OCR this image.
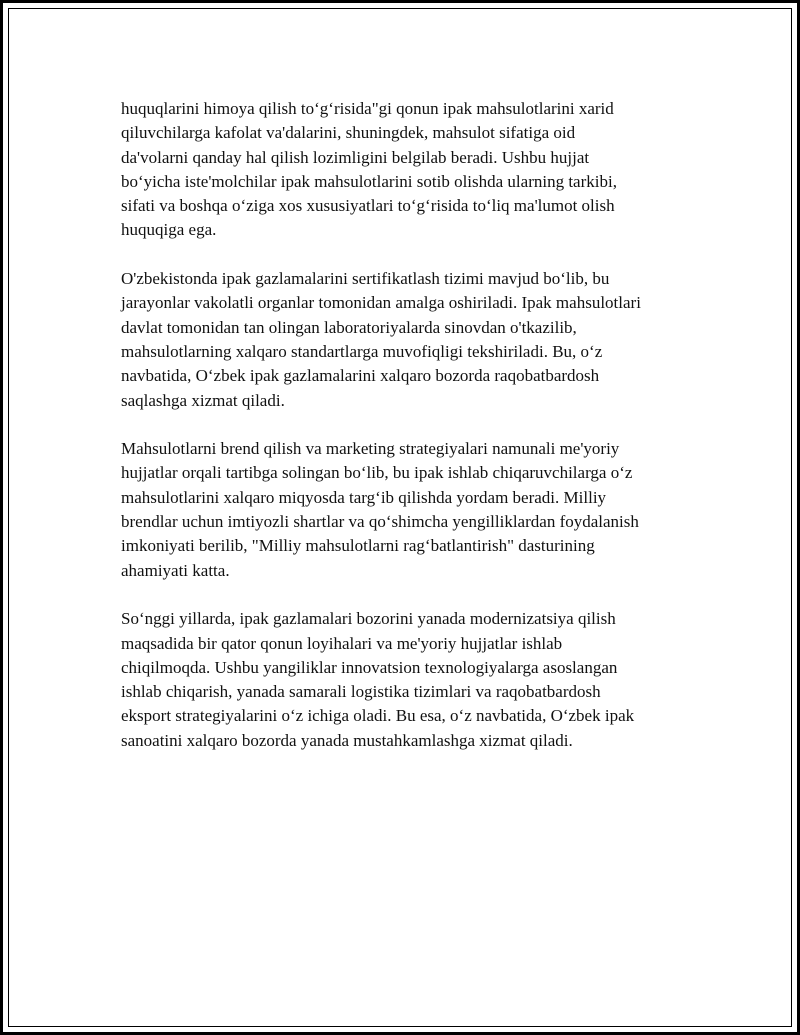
huquqlarini himoya qilish to‘g‘risida"gi qonun ipak mahsulotlarini xarid
qiluvchilarga kafolat va'dalarini, shuningdek, mahsulot sifatiga oid
da'volarni qanday hal qilish lozimligini belgilab beradi. Ushbu hujjat
bo‘yicha iste'molchilar ipak mahsulotlarini sotib olishda ularning tarkibi,
sifati va boshqa o‘ziga xos xususiyatlari to‘g‘risida to‘liq ma'lumot olish
huquqiga ega.

O'zbekistonda ipak gazlamalarini sertifikatlash tizimi mavjud bo‘lib, bu
jarayonlar vakolatli organlar tomonidan amalga oshiriladi. Ipak mahsulotlari
davlat tomonidan tan olingan laboratoriyalarda sinovdan o'tkazilib,
mahsulotlarning xalqaro standartlarga muvofiqligi tekshiriladi. Bu, o‘z
navbatida, O‘zbek ipak gazlamalarini xalqaro bozorda raqobatbardosh
saqlashga xizmat qiladi.

Mahsulotlarni brend qilish va marketing strategiyalari namunali me'yoriy
hujjatlar orqali tartibga solingan bo‘lib, bu ipak ishlab chiqaruvchilarga o‘z
mahsulotlarini xalqaro miqyosda targ‘ib qilishda yordam beradi. Milliy
brendlar uchun imtiyozli shartlar va qo‘shimcha yengilliklardan foydalanish
imkoniyati berilib, "Milliy mahsulotlarni rag‘batlantirish" dasturining
ahamiyati katta.

So‘nggi yillarda, ipak gazlamalari bozorini yanada modernizatsiya qilish
maqsadida bir qator qonun loyihalari va me'yoriy hujjatlar ishlab
chiqilmoqda. Ushbu yangiliklar innovatsion texnologiyalarga asoslangan
ishlab chiqarish, yanada samarali logistika tizimlari va raqobatbardosh
eksport strategiyalarini o‘z ichiga oladi. Bu esa, o‘z navbatida, O‘zbek ipak
sanoatini xalqaro bozorda yanada mustahkamlashga xizmat qiladi.
